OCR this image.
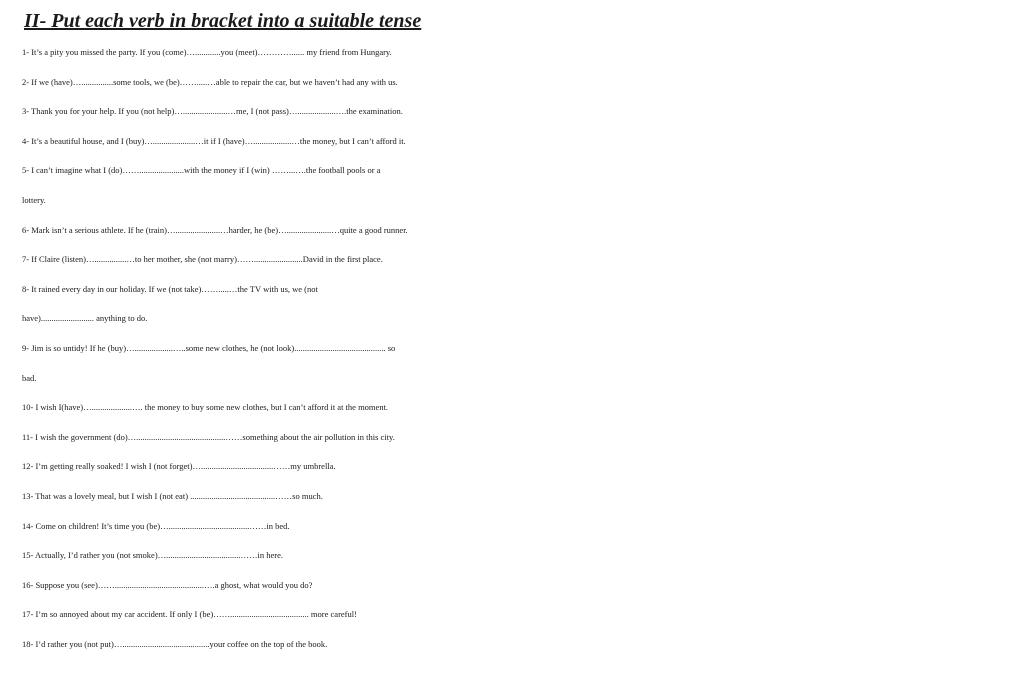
II- Put each verb in bracket into a suitable tense
1- It’s a pity you missed the party. If you (come)…............you (meet)…………...... my friend from Hungary.
2- If we (have)…...............some tools, we (be)…….....…able to repair the car, but we haven’t had any with us.
3- Thank you for your help. If you (not help)….....................…me, I (not pass)…..................….the examination.
4- It’s a beautiful house, and I (buy)…....................…it if I (have)…..................…the money, but I can’t afford it.
5- I can’t imagine what I (do)…….....................with the money if I (win) ……...….the football pools or a
lottery.
6- Mark isn’t a serious athlete. If he (train)….....................…harder, he (be)….....................…quite a good runner.
7- If Claire (listen)…...............…to her mother, she (not marry)…….......................David in the first place.
8- It rained every day in our holiday. If we (not take)…….....…the TV with us, we (not
have)......................... anything to do.
9- Jim is so untidy! If he (buy)…..................…..some new clothes, he (not look)........................................... so
bad.
10- I wish I(have)…...................…. the money to buy some new clothes, but I can’t afford it at the moment.
11- I wish the government (do)…..........................................……something about the air pollution in this city.
12- I’m getting really soaked! I wish I (not forget)…..................................……my umbrella.
13- That was a lovely meal, but I wish I (not eat) ........................................……so much.
14- Come on children! It’s time you (be)…......................................……in bed.
15- Actually, I’d rather you (not smoke)…...................................……in here.
16- Suppose you (see)……..........................................….a ghost, what would you do?
17- I’m so annoyed about my car accident. If only I (be)……..................................... more careful!
18- I’d rather you (not put)….........................................your coffee on the top of the book.
